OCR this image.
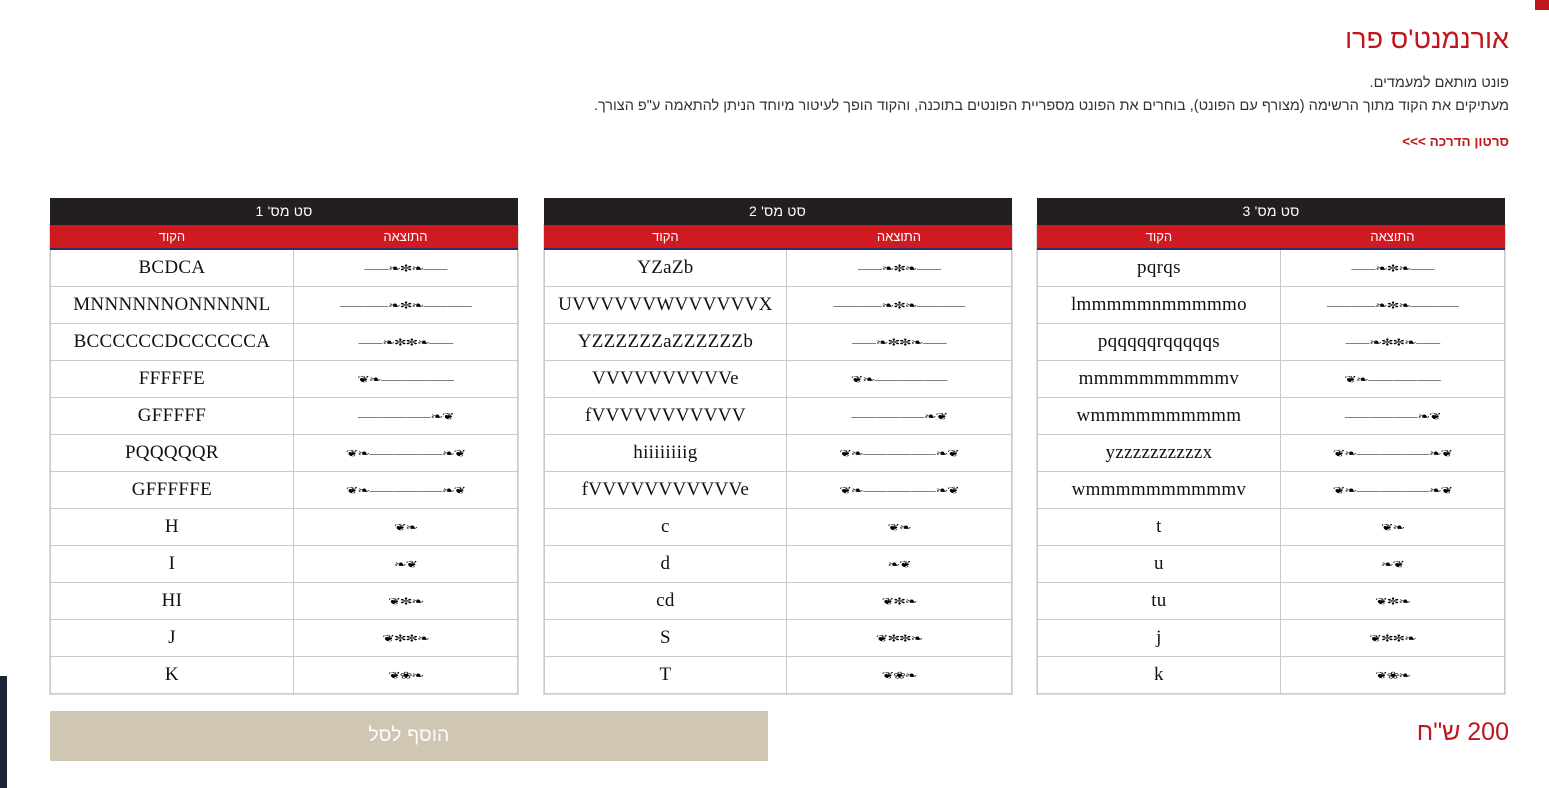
אורנמנט'ס פרו

פונט מותאם למעמדים.
מעתיקים את הקוד מתוך הרשימה (מצורף עם הפונט), בוחרים את הפונט מספריית הפונטים בתוכנה, והקוד הופך לעיטור מיוחד הניתן להתאמה ע"פ הצורך.

סרטון הדרכה >>>
סט מס' 3
התוצאה	הקוד
⸺❧✼❧⸺	pqrqs
⸺⸺❧✼❧⸺⸺	lmmmmmnmmmmmo
⸺❧✼✼❧⸺	pqqqqqrqqqqqs
⸺⸺⸺❧❦	mmmmmmmmmmv
❦❧⸺⸺⸺	wmmmmmmmmmm
❦❧⸺⸺⸺❧❦	yzzzzzzzzzzx
❦❧⸺⸺⸺❧❦	wmmmmmmmmmmv
❧❦	t
❦❧	u
❧✼❦	tu
❧✼✼❦	j
❧❀❦	k
סט מס' 2
התוצאה	הקוד
⸺❧✼❧⸺	YZaZb
⸺⸺❧✼❧⸺⸺	UVVVVVVWVVVVVVX
⸺❧✼✼❧⸺	YZZZZZZaZZZZZZb
⸺⸺⸺❧❦	VVVVVVVVVVe
❦❧⸺⸺⸺	fVVVVVVVVVVV
❦❧⸺⸺⸺❧❦	hiiiiiiiig
❦❧⸺⸺⸺❧❦	fVVVVVVVVVVVe
❧❦	c
❦❧	d
❧✼❦	cd
❧✼✼❦	S
❧❀❦	T
סט מס' 1
התוצאה	הקוד
⸺❧✼❧⸺	BCDCA
⸺⸺❧✼❧⸺⸺	MNNNNNNONNNNNL
⸺❧✼✼❧⸺	BCCCCCCDCCCCCCA
⸺⸺⸺❧❦	FFFFFE
❦❧⸺⸺⸺	GFFFFF
❦❧⸺⸺⸺❧❦	PQQQQQR
❦❧⸺⸺⸺❧❦	GFFFFFE
❧❦	H
❦❧	I
❧✼❦	HI
❧✼✼❦	J
❧❀❦	K
הוסף לסל	200 ש"ח
